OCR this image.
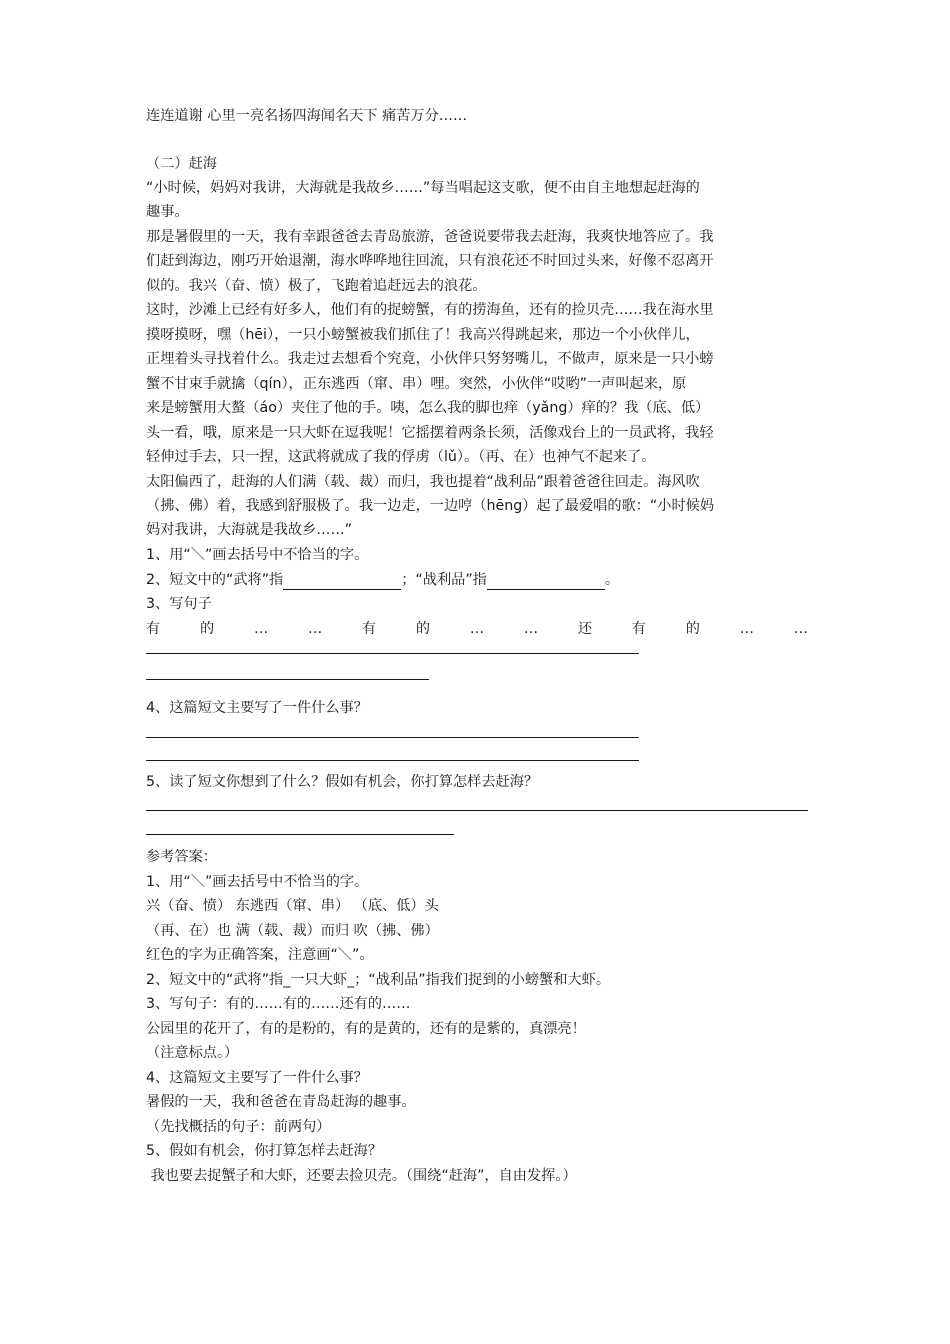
连连道谢 心里一亮名扬四海闻名天下 痛苦万分……
（二）赶海
“小时候，妈妈对我讲，大海就是我故乡……”每当唱起这支歌，便不由自主地想起赶海的
趣事。
那是暑假里的一天，我有幸跟爸爸去青岛旅游，爸爸说要带我去赶海，我爽快地答应了。我
们赶到海边，刚巧开始退潮，海水哗哗地往回流，只有浪花还不时回过头来，好像不忍离开
似的。我兴（奋、愤）极了，飞跑着追赶远去的浪花。
这时，沙滩上已经有好多人，他们有的捉螃蟹，有的捞海鱼，还有的捡贝壳……我在海水里
摸呀摸呀，嘿（hēi），一只小螃蟹被我们抓住了！我高兴得跳起来，那边一个小伙伴儿，
正埋着头寻找着什么。我走过去想看个究竟，小伙伴只努努嘴儿，不做声，原来是一只小螃
蟹不甘束手就擒（qín），正东逃西（窜、串）哩。突然，小伙伴“哎哟”一声叫起来，原
来是螃蟹用大螯（áo）夹住了他的手。咦，怎么我的脚也痒（yǎng）痒的？我（底、低）
头一看，哦，原来是一只大虾在逗我呢！它摇摆着两条长须，活像戏台上的一员武将，我轻
轻伸过手去，只一捏，这武将就成了我的俘虏（lǔ）。（再、在）也神气不起来了。
太阳偏西了，赶海的人们满（载、裁）而归，我也提着“战利品”跟着爸爸往回走。海风吹
（拂、佛）着，我感到舒服极了。我一边走，一边哼（hēng）起了最爱唱的歌：“小时候妈
妈对我讲，大海就是我故乡……”
1、用“＼”画去括号中不恰当的字。
2、短文中的“武将”指	；“战利品”指	。
3、写句子
有	的	…	…	有	的	…	…	还	有	的	…	…
4、这篇短文主要写了一件什么事？
5、读了短文你想到了什么？假如有机会，你打算怎样去赶海？
参考答案：
1、用“＼”画去括号中不恰当的字。
兴（奋、愤） 东逃西（窜、串） （底、低）头
（再、在）也 满（载、裁）而归 吹（拂、佛）
红色的字为正确答案，注意画“＼”。
2、短文中的“武将”指_一只大虾_；“战利品”指我们捉到的小螃蟹和大虾。
3、写句子：有的……有的……还有的……
公园里的花开了，有的是粉的，有的是黄的，还有的是紫的，真漂亮！
（注意标点。）
4、这篇短文主要写了一件什么事？
暑假的一天，我和爸爸在青岛赶海的趣事。
（先找概括的句子：前两句）
5、假如有机会，你打算怎样去赶海？
我也要去捉蟹子和大虾，还要去捡贝壳。（围绕“赶海”，自由发挥。）
